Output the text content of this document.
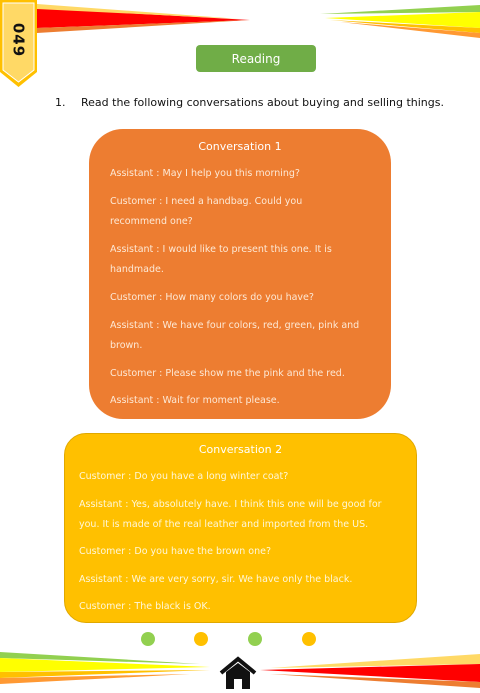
049
Reading
1. Read the following conversations about buying and selling things.
Conversation 1
Assistant : May I help you this morning?
Customer : I need a handbag. Could you
recommend one?
Assistant : I would like to present this one. It is
handmade.
Customer : How many colors do you have?
Assistant : We have four colors, red, green, pink and
brown.
Customer : Please show me the pink and the red.
Assistant : Wait for moment please.
Conversation 2
Customer : Do you have a long winter coat?
Assistant : Yes, absolutely have. I think this one will be good for
you. It is made of the real leather and imported from the US.
Customer : Do you have the brown one?
Assistant : We are very sorry, sir. We have only the black.
Customer : The black is OK.
